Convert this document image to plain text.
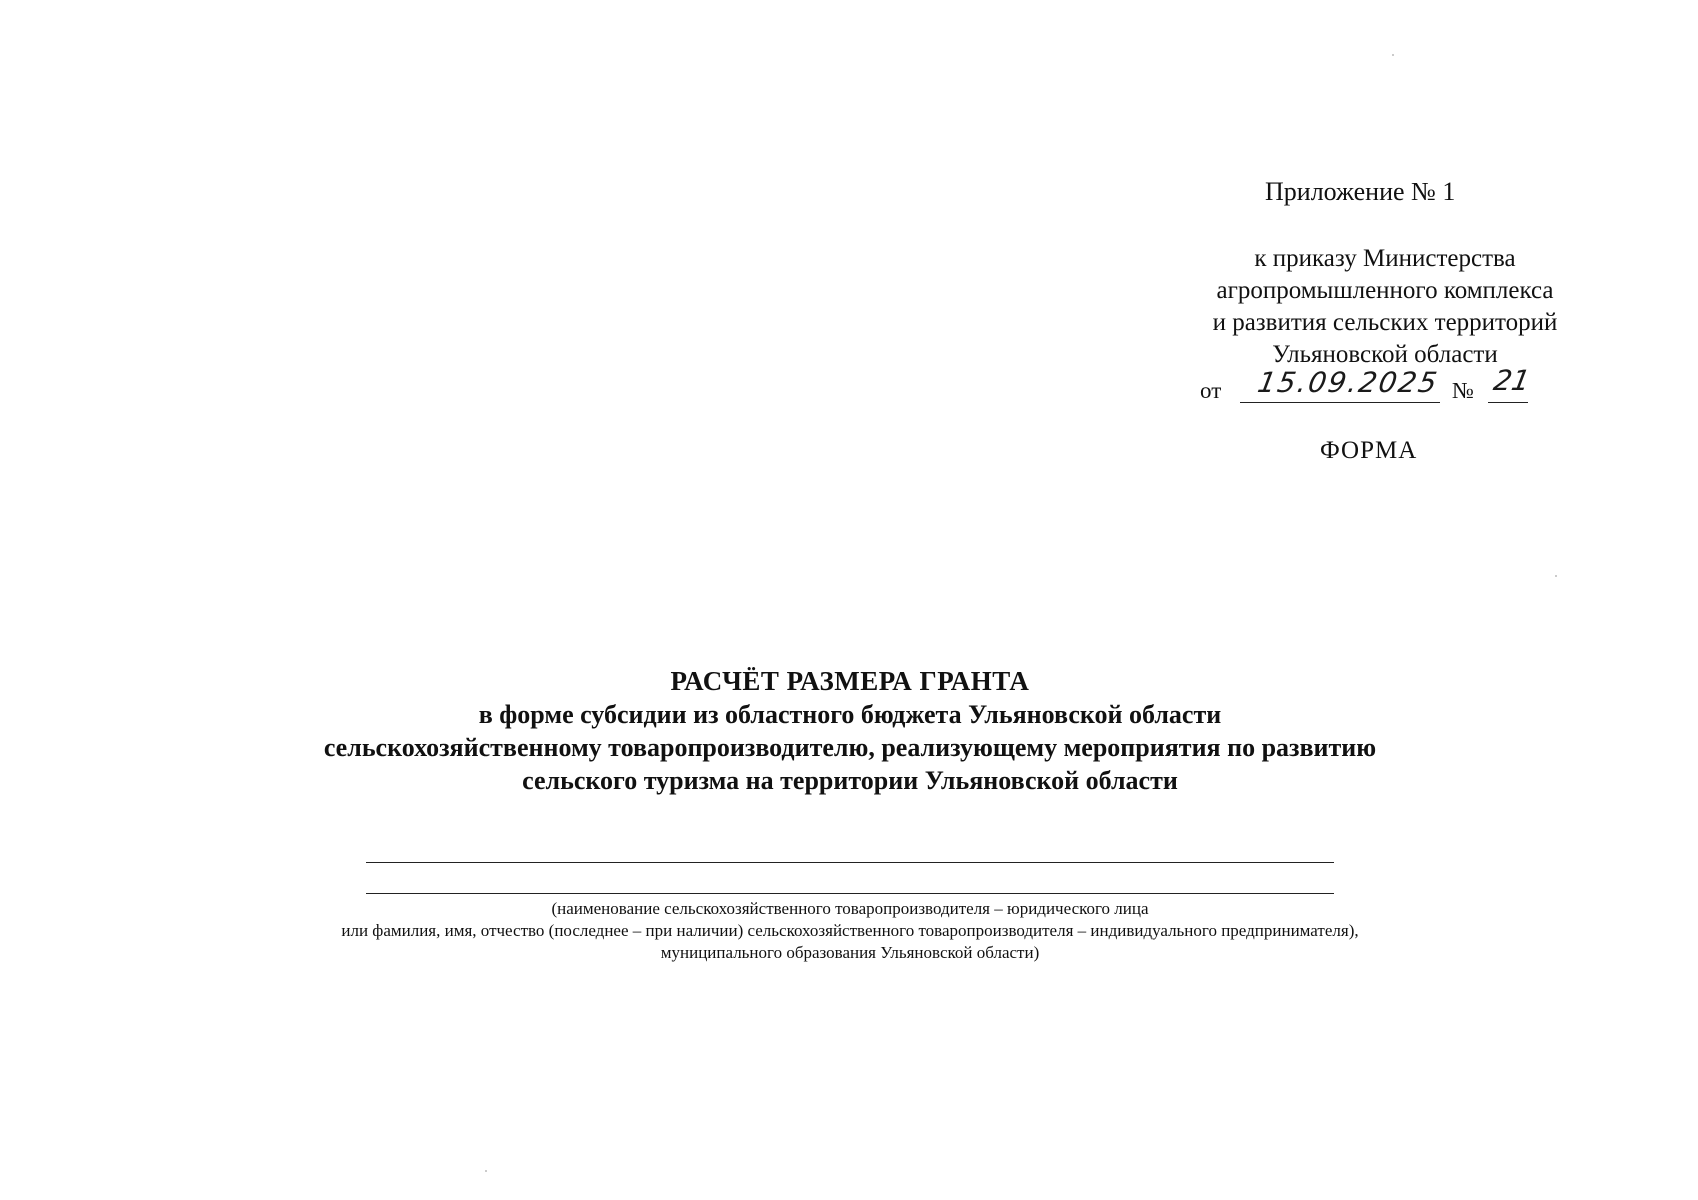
Приложение № 1
к приказу Министерства
агропромышленного комплекса
и развития сельских территорий
Ульяновской области
от 15.09.2025 № 21
ФОРМА
РАСЧЁТ РАЗМЕРА ГРАНТА
в форме субсидии из областного бюджета Ульяновской области
сельскохозяйственному товаропроизводителю, реализующему мероприятия по развитию
сельского туризма на территории Ульяновской области
(наименование сельскохозяйственного товаропроизводителя – юридического лица
или фамилия, имя, отчество (последнее – при наличии) сельскохозяйственного товаропроизводителя – индивидуального предпринимателя),
муниципального образования Ульяновской области)
